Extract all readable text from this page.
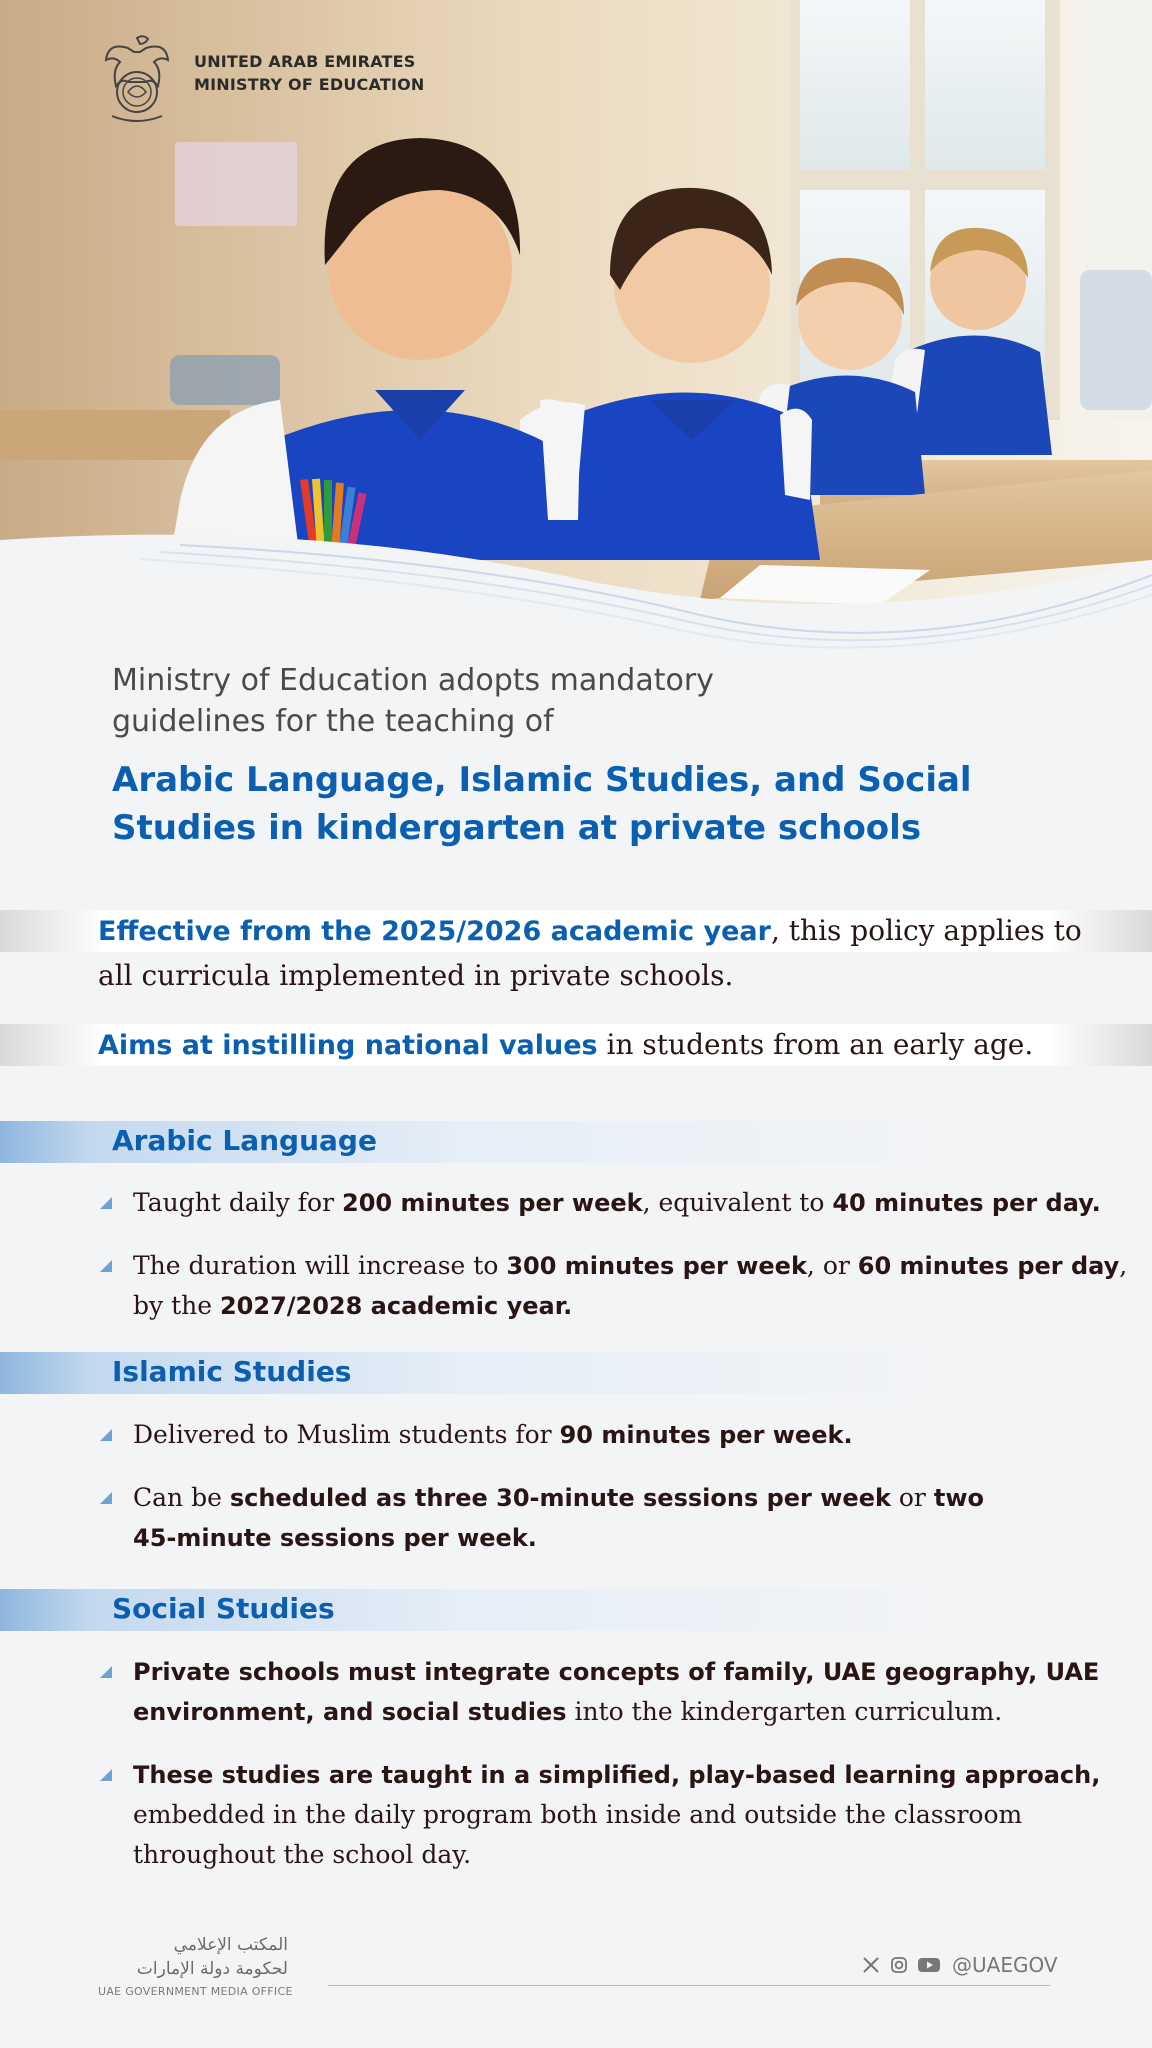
UNITED ARAB EMIRATES
MINISTRY OF EDUCATION
Ministry of Education adopts mandatory
guidelines for the teaching of
Arabic Language, Islamic Studies, and Social
Studies in kindergarten at private schools
Effective from the 2025/2026 academic year, this policy applies to
all curricula implemented in private schools.
Aims at instilling national values in students from an early age.
Arabic Language
Taught daily for 200 minutes per week, equivalent to 40 minutes per day.
The duration will increase to 300 minutes per week, or 60 minutes per day,
by the 2027/2028 academic year.
Islamic Studies
Delivered to Muslim students for 90 minutes per week.
Can be scheduled as three 30-minute sessions per week or two
45-minute sessions per week.
Social Studies
Private schools must integrate concepts of family, UAE geography, UAE
environment, and social studies into the kindergarten curriculum.
These studies are taught in a simplified, play-based learning approach,
embedded in the daily program both inside and outside the classroom
throughout the school day.
المكتب الإعلامي
لحكومة دولة الإمارات
UAE GOVERNMENT MEDIA OFFICE
@UAEGOV
